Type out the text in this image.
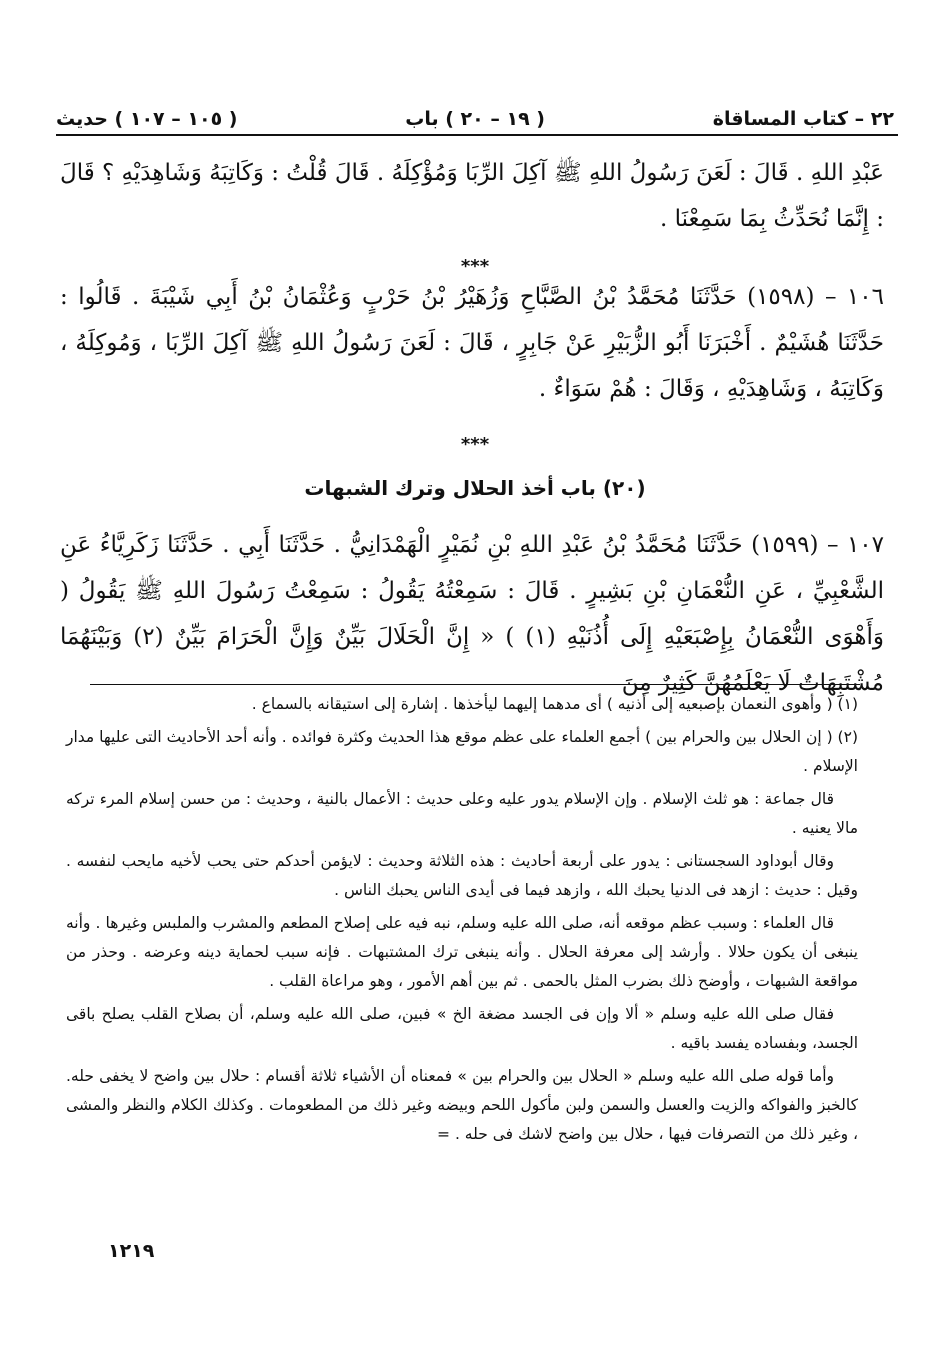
٢٢ – كتاب المساقاة
( ١٩ – ٢٠ ) باب
( ١٠٥ – ١٠٧ ) حديث
عَبْدِ اللهِ . قَالَ : لَعَنَ رَسُولُ اللهِ ﷺ آكِلَ الرِّبَا وَمُؤْكِلَهُ . قَالَ قُلْتُ : وَكَاتِبَهُ وَشَاهِدَيْهِ ؟ قَالَ : إِنَّمَا نُحَدِّثُ بِمَا سَمِعْنَا .
***
١٠٦ – (١٥٩٨) حَدَّثَنَا مُحَمَّدُ بْنُ الصَّبَّاحِ وَزُهَيْرُ بْنُ حَرْبٍ وَعُثْمَانُ بْنُ أَبِي شَيْبَةَ . قَالُوا : حَدَّثَنَا هُشَيْمٌ . أَخْبَرَنَا أَبُو الزُّبَيْرِ عَنْ جَابِرٍ ، قَالَ : لَعَنَ رَسُولُ اللهِ ﷺ آكِلَ الرِّبَا ، وَمُوكِلَهُ ، وَكَاتِبَهُ ، وَشَاهِدَيْهِ ، وَقَالَ : هُمْ سَوَاءٌ .
***
(٢٠) باب أخذ الحلال وترك الشبهات
١٠٧ – (١٥٩٩) حَدَّثَنَا مُحَمَّدُ بْنُ عَبْدِ اللهِ بْنِ نُمَيْرٍ الْهَمْدَانِيُّ . حَدَّثَنَا أَبِي . حَدَّثَنَا زَكَرِيَّاءُ عَنِ الشَّعْبِيِّ ، عَنِ النُّعْمَانِ بْنِ بَشِيرٍ . قَالَ : سَمِعْتُهُ يَقُولُ : سَمِعْتُ رَسُولَ اللهِ ﷺ يَقُولُ ( وَأَهْوَى النُّعْمَانُ بِإِصْبَعَيْهِ إِلَى أُذُنَيْهِ (١) ) « إِنَّ الْحَلَالَ بَيِّنٌ وَإِنَّ الْحَرَامَ بَيِّنٌ (٢) وَبَيْنَهُمَا مُشْتَبِهَاتٌ لَا يَعْلَمُهُنَّ كَثِيرٌ مِنَ

(١) ( وأهوى النعمان بإصبعيه إلى أذنيه ) أى مدهما إليهما ليأخذها . إشارة إلى استيقانه بالسماع .

(٢) ( إن الحلال بين والحرام بين ) أجمع العلماء على عظم موقع هذا الحديث وكثرة فوائده . وأنه أحد الأحاديث التى عليها مدار الإسلام .

قال جماعة : هو ثلث الإسلام . وإن الإسلام يدور عليه وعلى حديث : الأعمال بالنية ، وحديث : من حسن إسلام المرء تركه مالا يعنيه .

وقال أبوداود السجستانى : يدور على أربعة أحاديث : هذه الثلاثة وحديث : لايؤمن أحدكم حتى يحب لأخيه مايحب لنفسه . وقيل : حديث : ازهد فى الدنيا يحبك الله ، وازهد فيما فى أيدى الناس يحبك الناس .

قال العلماء : وسبب عظم موقعه أنه، صلى الله عليه وسلم، نبه فيه على إصلاح المطعم والمشرب والملبس وغيرها . وأنه ينبغى أن يكون حلالا . وأرشد إلى معرفة الحلال . وأنه ينبغى ترك المشتبهات . فإنه سبب لحماية دينه وعرضه . وحذر من مواقعة الشبهات ، وأوضح ذلك بضرب المثل بالحمى . ثم بين أهم الأمور ، وهو مراعاة القلب .

فقال صلى الله عليه وسلم « ألا وإن فى الجسد مضغة الخ » فبين، صلى الله عليه وسلم، أن بصلاح القلب يصلح باقى الجسد، وبفساده يفسد باقيه .

وأما قوله صلى الله عليه وسلم « الحلال بين والحرام بين » فمعناه أن الأشياء ثلاثة أقسام : حلال بين واضح لا يخفى حله. كالخبز والفواكه والزيت والعسل والسمن ولبن مأكول اللحم وبيضه وغير ذلك من المطعومات . وكذلك الكلام والنظر والمشى ، وغير ذلك من التصرفات فيها ، حلال بين واضح لاشك فى حله . =

١٢١٩
